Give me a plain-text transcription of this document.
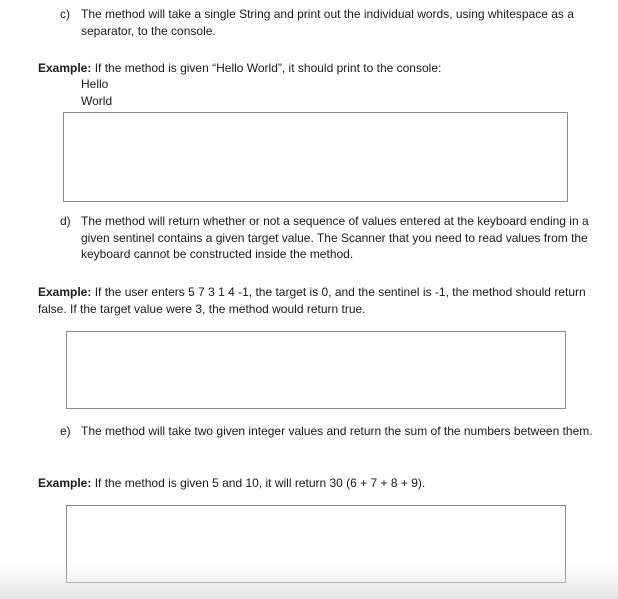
c) The method will take a single String and print out the individual words, using whitespace as a separator, to the console.
Example: If the method is given “Hello World”, it should print to the console:
Hello
World
d) The method will return whether or not a sequence of values entered at the keyboard ending in a given sentinel contains a given target value. The Scanner that you need to read values from the keyboard cannot be constructed inside the method.
Example: If the user enters 5 7 3 1 4 -1, the target is 0, and the sentinel is -1, the method should return false. If the target value were 3, the method would return true.
e) The method will take two given integer values and return the sum of the numbers between them.
Example: If the method is given 5 and 10, it will return 30 (6 + 7 + 8 + 9).
